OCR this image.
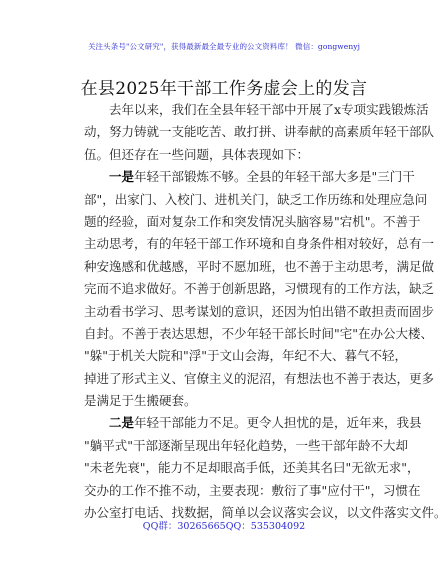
关注头条号"公文研究"，获得最新最全最专业的公文资料库！ 微信：gongwenyj
在县2025年干部工作务虚会上的发言
　　去年以来，我们在全县年轻干部中开展了x专项实践锻炼活
动，努力铸就一支能吃苦、敢打拼、讲奉献的高素质年轻干部队
伍。但还存在一些问题，具体表现如下：
　　一是年轻干部锻炼不够。全县的年轻干部大多是"三门干
部"，出家门、入校门、进机关门，缺乏工作历练和处理应急问
题的经验，面对复杂工作和突发情况头脑容易"宕机"。不善于
主动思考，有的年轻干部工作环境和自身条件相对较好，总有一
种安逸感和优越感，平时不愿加班，也不善于主动思考，满足做
完而不追求做好。不善于创新思路，习惯现有的工作方法，缺乏
主动看书学习、思考谋划的意识，还因为怕出错不敢担责而固步
自封。不善于表达思想，不少年轻干部长时间"宅"在办公大楼、
"躲"于机关大院和"浮"于文山会海，年纪不大、暮气不轻，
掉进了形式主义、官僚主义的泥沼，有想法也不善于表达，更多
是满足于生搬硬套。
　　二是年轻干部能力不足。更令人担忧的是，近年来，我县
"躺平式"干部逐渐呈现出年轻化趋势，一些干部年龄不大却
"未老先衰"，能力不足却眼高手低，还美其名曰"无欲无求"，
交办的工作不推不动，主要表现：敷衍了事"应付干"，习惯在
办公室打电话、找数据，简单以会议落实会议，以文件落实文件。
QQ群：30265665QQ：535304092
